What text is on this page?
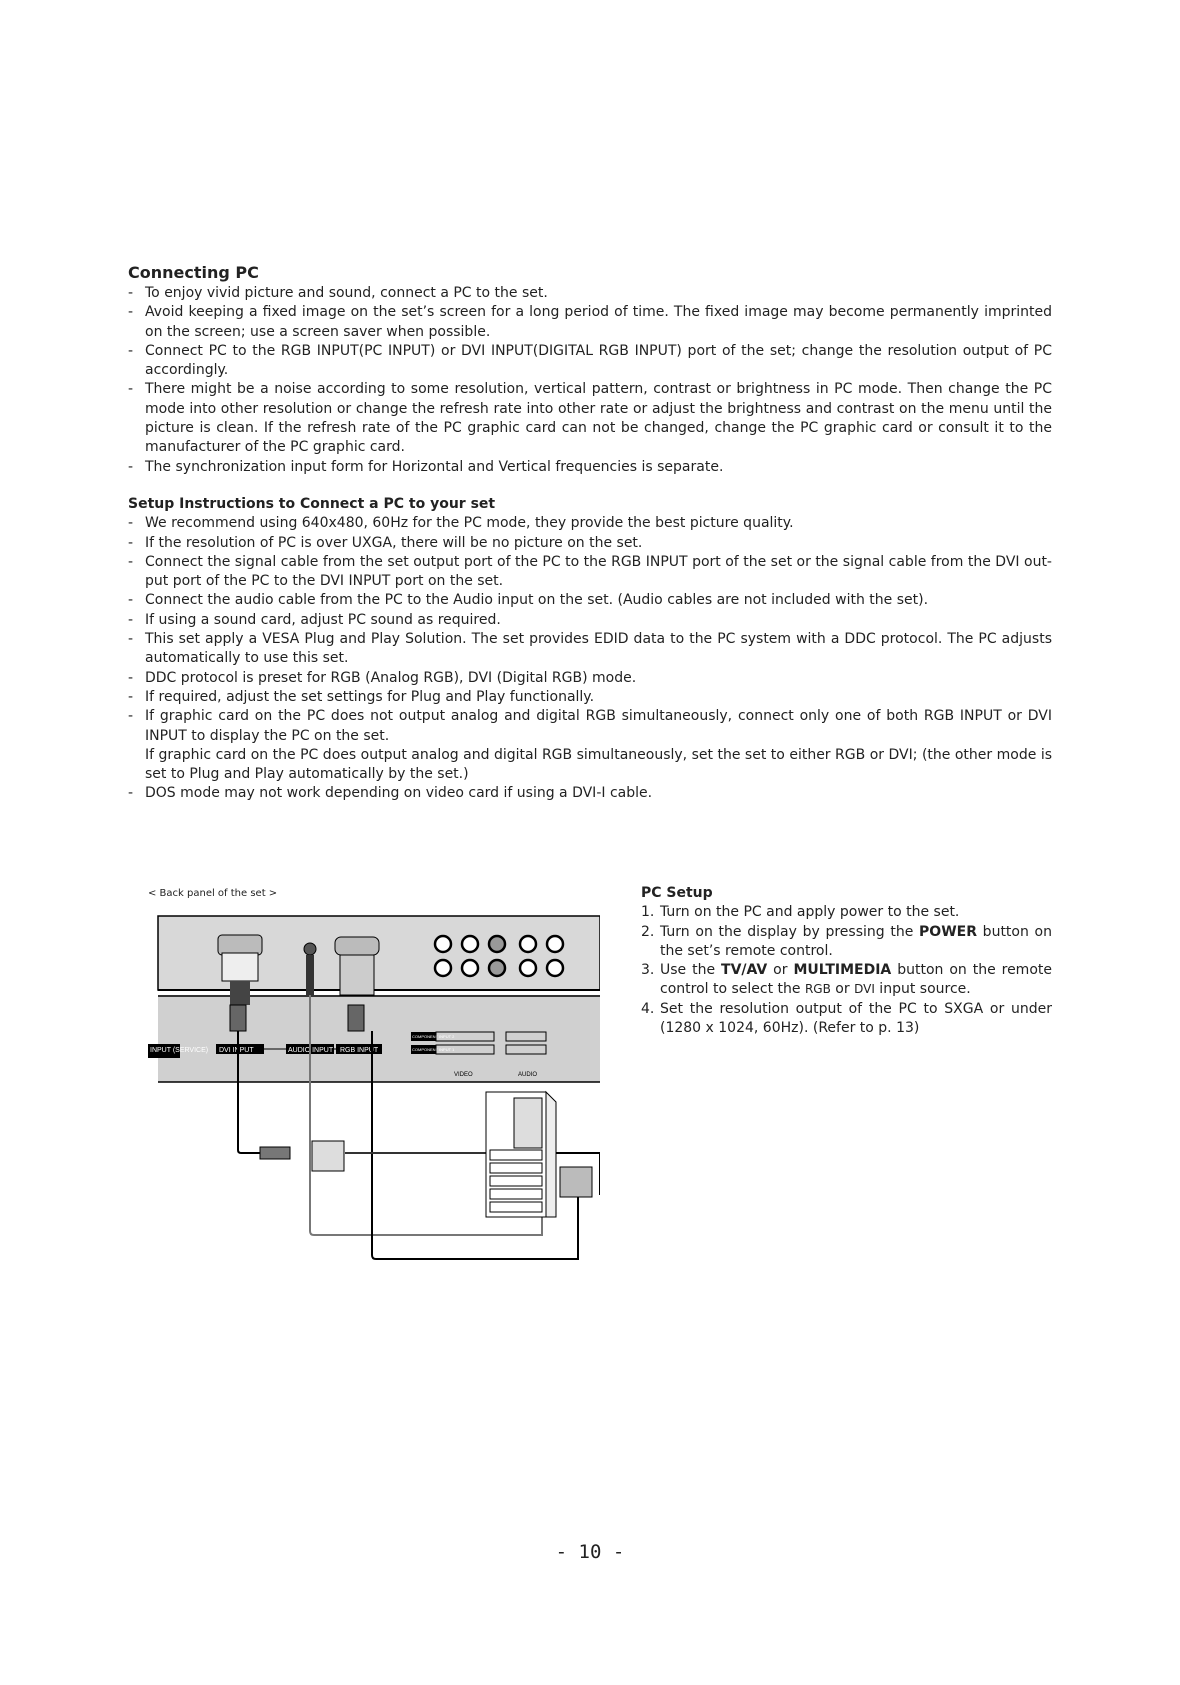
Connecting PC
- To enjoy vivid picture and sound, connect a PC to the set.
- Avoid keeping a fixed image on the set’s screen for a long period of time. The fixed image may become permanently imprinted on the screen; use a screen saver when possible.
- Connect PC to the RGB INPUT(PC INPUT) or DVI INPUT(DIGITAL RGB INPUT) port of the set; change the resolution output of PC accordingly.
- There might be a noise according to some resolution, vertical pattern, contrast or brightness in PC mode. Then change the PC mode into other resolution or change the refresh rate into other rate or adjust the brightness and contrast on the menu until the picture is clean. If the refresh rate of the PC graphic card can not be changed, change the PC graphic card or consult it to the manufacturer of the PC graphic card.
- The synchronization input form for Horizontal and Vertical frequencies is separate.
Setup Instructions to Connect a PC to your set
- We recommend using 640x480, 60Hz for the PC mode, they provide the best picture quality.
- If the resolution of PC is over UXGA, there will be no picture on the set.
- Connect the signal cable from the set output port of the PC to the RGB INPUT port of the set or the signal cable from the DVI out-put port of the PC to the DVI INPUT port on the set.
- Connect the audio cable from the PC to the Audio input on the set. (Audio cables are not included with the set).
- If using a sound card, adjust PC sound as required.
- This set apply a VESA Plug and Play Solution. The set provides EDID data to the PC system with a DDC protocol. The PC adjusts automatically to use this set.
- DDC protocol is preset for RGB (Analog RGB), DVI (Digital RGB) mode.
- If required, adjust the set settings for Plug and Play functionally.
- If graphic card on the PC does not output analog and digital RGB simultaneously, connect only one of both RGB INPUT or DVI INPUT to display the PC on the set.
If graphic card on the PC does output analog and digital RGB simultaneously, set the set to either RGB or DVI; (the other mode is set to Plug and Play automatically by the set.)
- DOS mode may not work depending on video card if using a DVI-I cable.
< Back panel of the set >
INPUT (SERVICE) DVI INPUT	AUDIO INPUT RGB INPUT
COMPONENT INPUT 2
COMPONENT INPUT 1
VIDEO	AUDIO
PC Setup
1. Turn on the PC and apply power to the set.
2. Turn on the display by pressing the POWER button on the set’s remote control.
3. Use the TV/AV or MULTIMEDIA button on the remote control to select the RGB or DVI input source.
4. Set the resolution output of the PC to SXGA or under (1280 x 1024, 60Hz). (Refer to p. 13)
- 10 -
